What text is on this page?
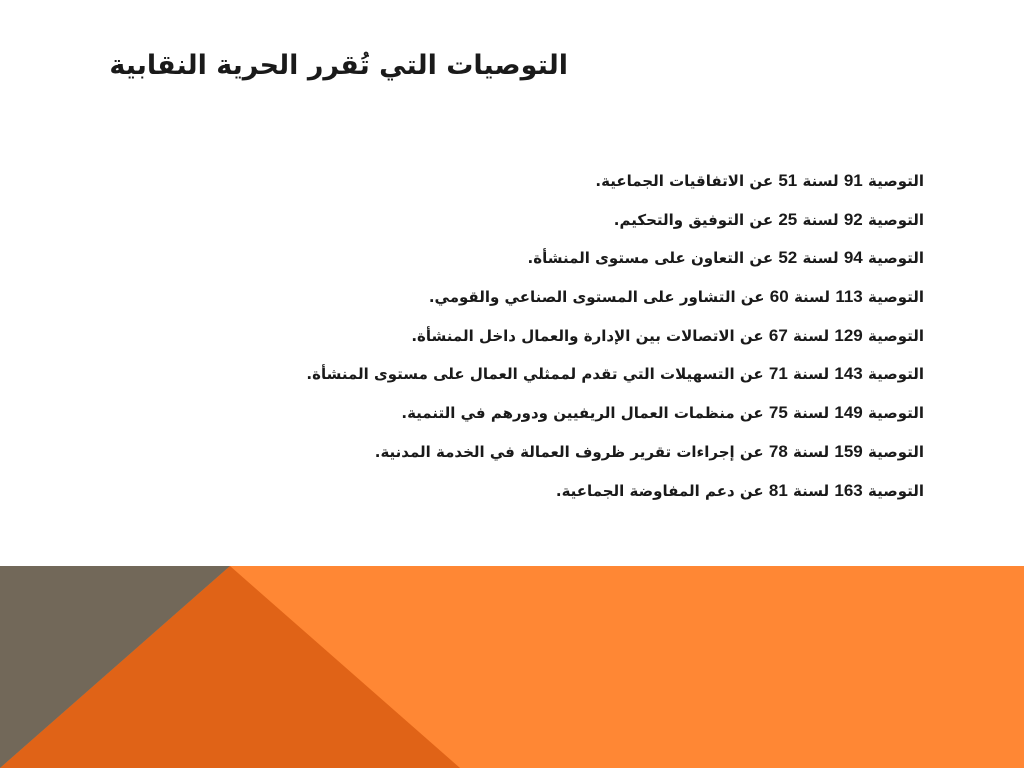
التوصيات التي تُقرر الحرية النقابية
التوصية 91 لسنة 51 عن الاتفاقيات الجماعية.
التوصية 92 لسنة 25 عن التوفيق والتحكيم.
التوصية 94 لسنة 52 عن التعاون على مستوى المنشأة.
التوصية 113 لسنة 60 عن التشاور على المستوى الصناعي والقومي.
التوصية 129 لسنة 67 عن الاتصالات بين الإدارة والعمال داخل المنشأة.
التوصية 143 لسنة 71 عن التسهيلات التي تقدم لممثلي العمال على مستوى المنشأة.
التوصية 149 لسنة 75 عن منظمات العمال الريفيين ودورهم في التنمية.
التوصية 159 لسنة 78 عن إجراءات تقرير ظروف العمالة في الخدمة المدنية.
التوصية 163 لسنة 81 عن دعم المفاوضة الجماعية.
